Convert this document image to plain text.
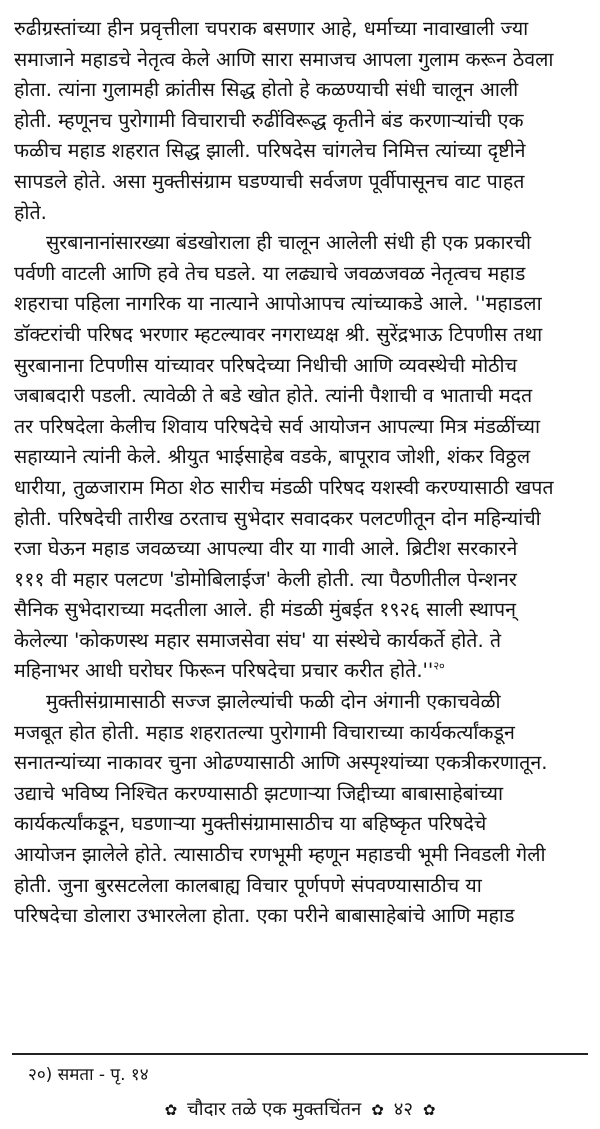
रुढीग्रस्तांच्या हीन प्रवृत्तीला चपराक बसणार आहे, धर्माच्या नावाखाली ज्या
समाजाने महाडचे नेतृत्व केले आणि सारा समाजच आपला गुलाम करून ठेवला
होता. त्यांना गुलामही क्रांतीस सिद्ध होतो हे कळण्याची संधी चालून आली
होती. म्हणूनच पुरोगामी विचाराची रुढींविरूद्ध कृतीने बंड करणाऱ्यांची एक
फळीच महाड शहरात सिद्ध झाली. परिषदेस चांगलेच निमित्त त्यांच्या दृष्टीने
सापडले होते. असा मुक्तीसंग्राम घडण्याची सर्वजण पूर्वीपासूनच वाट पाहत
होते.
सुरबानानांसारख्या बंडखोराला ही चालून आलेली संधी ही एक प्रकारची
पर्वणी वाटली आणि हवे तेच घडले. या लढ्याचे जवळजवळ नेतृत्वच महाड
शहराचा पहिला नागरिक या नात्याने आपोआपच त्यांच्याकडे आले. ''महाडला
डॉक्टरांची परिषद भरणार म्हटल्यावर नगराध्यक्ष श्री. सुरेंद्रभाऊ टिपणीस तथा
सुरबानाना टिपणीस यांच्यावर परिषदेच्या निधीची आणि व्यवस्थेची मोठीच
जबाबदारी पडली. त्यावेळी ते बडे खोत होते. त्यांनी पैशाची व भाताची मदत
तर परिषदेला केलीच शिवाय परिषदेचे सर्व आयोजन आपल्या मित्र मंडळींच्या
सहाय्याने त्यांनी केले. श्रीयुत भाईसाहेब वडके, बापूराव जोशी, शंकर विठ्ठल
धारीया, तुळजाराम मिठा शेठ सारीच मंडळी परिषद यशस्वी करण्यासाठी खपत
होती. परिषदेची तारीख ठरताच सुभेदार सवादकर पलटणीतून दोन महिन्यांची
रजा घेऊन महाड जवळच्या आपल्या वीर या गावी आले. ब्रिटीश सरकारने
१११ वी महार पलटण 'डोमोबिलाईज' केली होती. त्या पैठणीतील पेन्शनर
सैनिक सुभेदाराच्या मदतीला आले. ही मंडळी मुंबईत १९२६ साली स्थापन्
केलेल्या 'कोकणस्थ महार समाजसेवा संघ' या संस्थेचे कार्यकर्ते होते. ते
महिनाभर आधी घरोघर फिरून परिषदेचा प्रचार करीत $होते.''^{२०}$
मुक्तीसंग्रामासाठी सज्ज झालेल्यांची फळी दोन अंगानी एकाचवेळी
मजबूत होत होती. महाड शहरातल्या पुरोगामी विचाराच्या कार्यकर्त्यांकडून
सनातन्यांच्या नाकावर चुना ओढण्यासाठी आणि अस्पृश्यांच्या एकत्रीकरणातून.
उद्याचे भविष्य निश्चित करण्यासाठी झटणाऱ्या जिद्दीच्या बाबासाहेबांच्या
कार्यकर्त्यांकडून, घडणाऱ्या मुक्तीसंग्रामासाठीच या बहिष्कृत परिषदेचे
आयोजन झालेले होते. त्यासाठीच रणभूमी म्हणून महाडची भूमी निवडली गेली
होती. जुना बुरसटलेला कालबाह्य विचार पूर्णपणे संपवण्यासाठीच या
परिषदेचा डोलारा उभारलेला होता. एका परीने बाबासाहेबांचे आणि महाड
२०) समता - पृ. १४
✿ चौदार तळे एक मुक्तचिंतन ✿ ४२ ✿
